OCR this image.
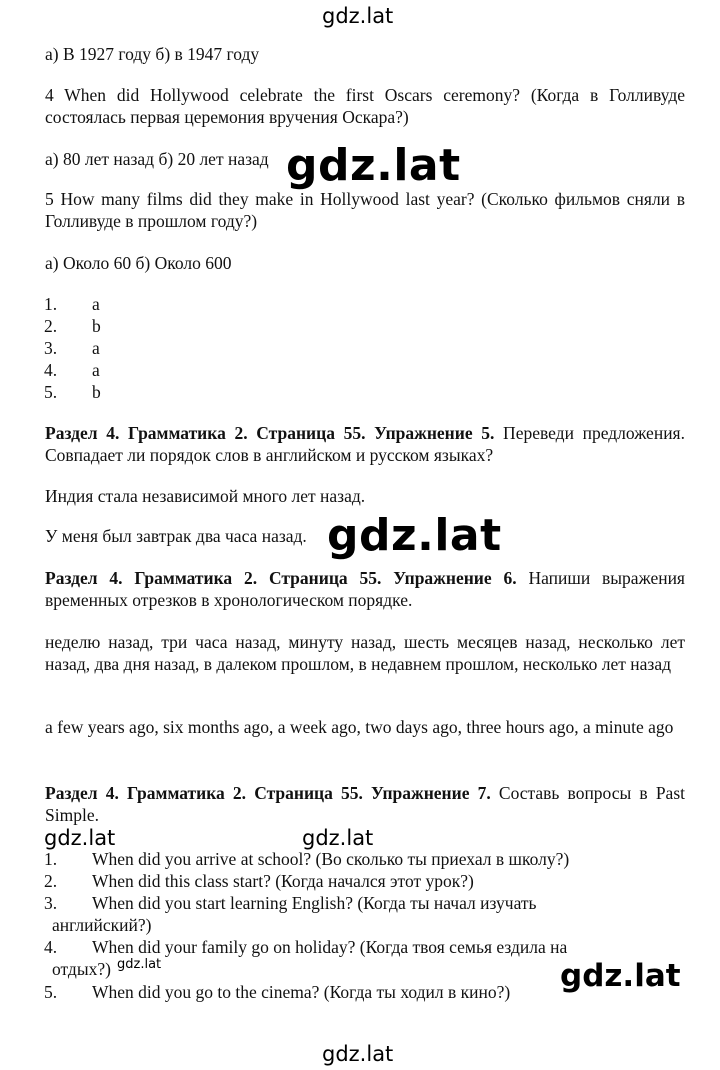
gdz.lat
gdz.lat
gdz.lat
gdz.lat	gdz.lat
gdz.lat	gdz.lat
gdz.lat

а) В 1927 году б) в 1947 году

4 When did Hollywood celebrate the first Oscars ceremony? (Когда в Голливуде состоялась первая церемония вручения Оскара?)

а) 80 лет назад б) 20 лет назад

5 How many films did they make in Hollywood last year? (Сколько фильмов сняли в Голливуде в прошлом году?)

а) Около 60 б) Около 600

1. a
2. b
3. a
4. a
5. b

Раздел 4. Грамматика 2. Страница 55. Упражнение 5. Переведи предложения. Совпадает ли порядок слов в английском и русском языках?

Индия стала независимой много лет назад.

У меня был завтрак два часа назад.

Раздел 4. Грамматика 2. Страница 55. Упражнение 6. Напиши выражения временных отрезков в хронологическом порядке.

неделю назад, три часа назад, минуту назад, шесть месяцев назад, несколько лет назад, два дня назад, в далеком прошлом, в недавнем прошлом, несколько лет назад

a few years ago, six months ago, a week ago, two days ago, three hours ago, a minute ago

Раздел 4. Грамматика 2. Страница 55. Упражнение 7. Составь вопросы в Past Simple.

1. When did you arrive at school? (Во сколько ты приехал в школу?)
2. When did this class start? (Когда начался этот урок?)
3.	When did you start learning English? (Когда ты начал изучать английский?)
4.	When did your family go on holiday? (Когда твоя семья ездила на отдых?)
5. When did you go to the cinema? (Когда ты ходил в кино?)
